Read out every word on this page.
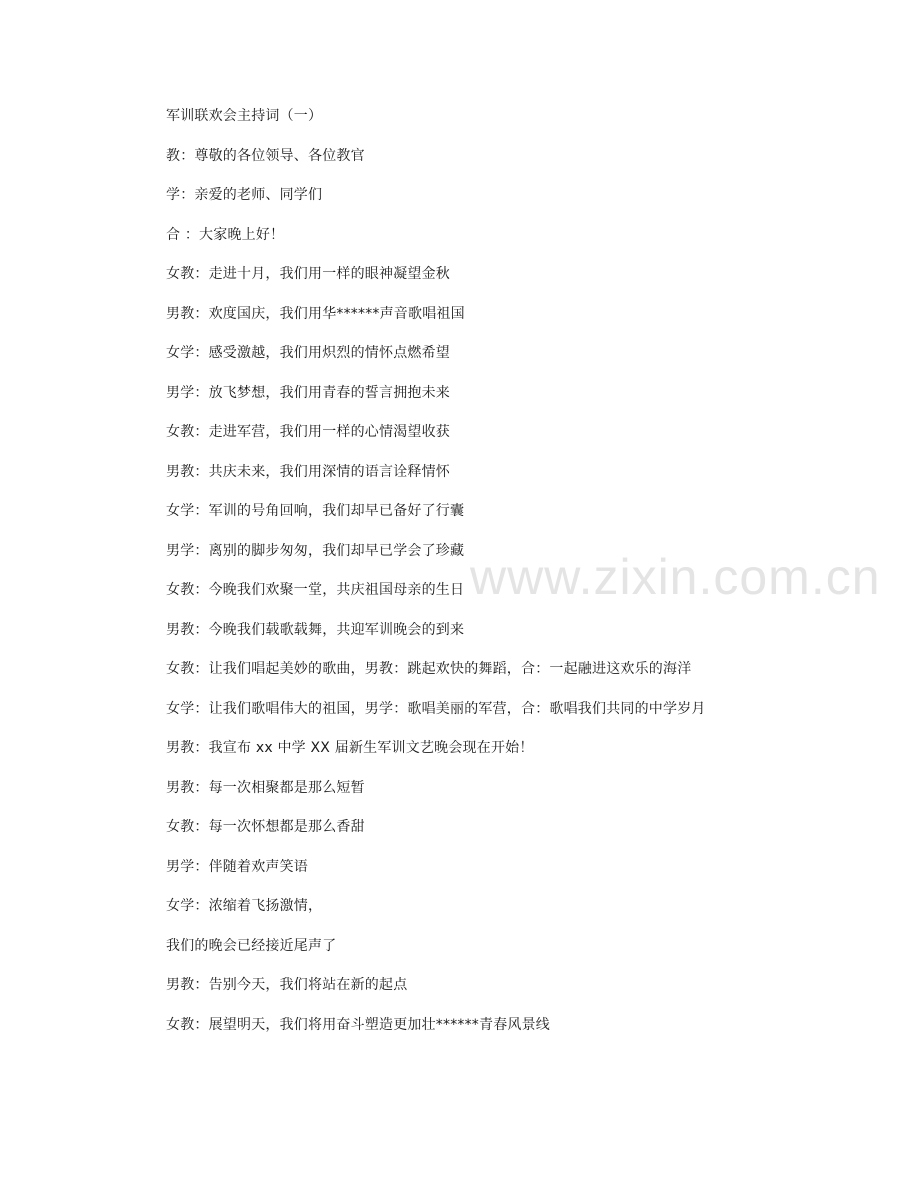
www.zixin.com.cn

军训联欢会主持词（一）

教：尊敬的各位领导、各位教官

学：亲爱的老师、同学们

合 ：大家晚上好！

女教：走进十月，我们用一样的眼神凝望金秋

男教：欢度国庆，我们用华******声音歌唱祖国

女学：感受激越，我们用炽烈的情怀点燃希望

男学：放飞梦想，我们用青春的誓言拥抱未来

女教：走进军营，我们用一样的心情渴望收获

男教：共庆未来，我们用深情的语言诠释情怀

女学：军训的号角回响，我们却早已备好了行囊

男学：离别的脚步匆匆，我们却早已学会了珍藏

女教：今晚我们欢聚一堂，共庆祖国母亲的生日

男教：今晚我们载歌载舞，共迎军训晚会的到来

女教：让我们唱起美妙的歌曲，男教：跳起欢快的舞蹈，合：一起融进这欢乐的海洋

女学：让我们歌唱伟大的祖国，男学：歌唱美丽的军营，合：歌唱我们共同的中学岁月

男教：我宣布 xx 中学 XX 届新生军训文艺晚会现在开始！

男教：每一次相聚都是那么短暂

女教：每一次怀想都是那么香甜

男学：伴随着欢声笑语

女学：浓缩着飞扬激情，

我们的晚会已经接近尾声了

男教：告别今天，我们将站在新的起点

女教：展望明天，我们将用奋斗塑造更加壮******青春风景线
